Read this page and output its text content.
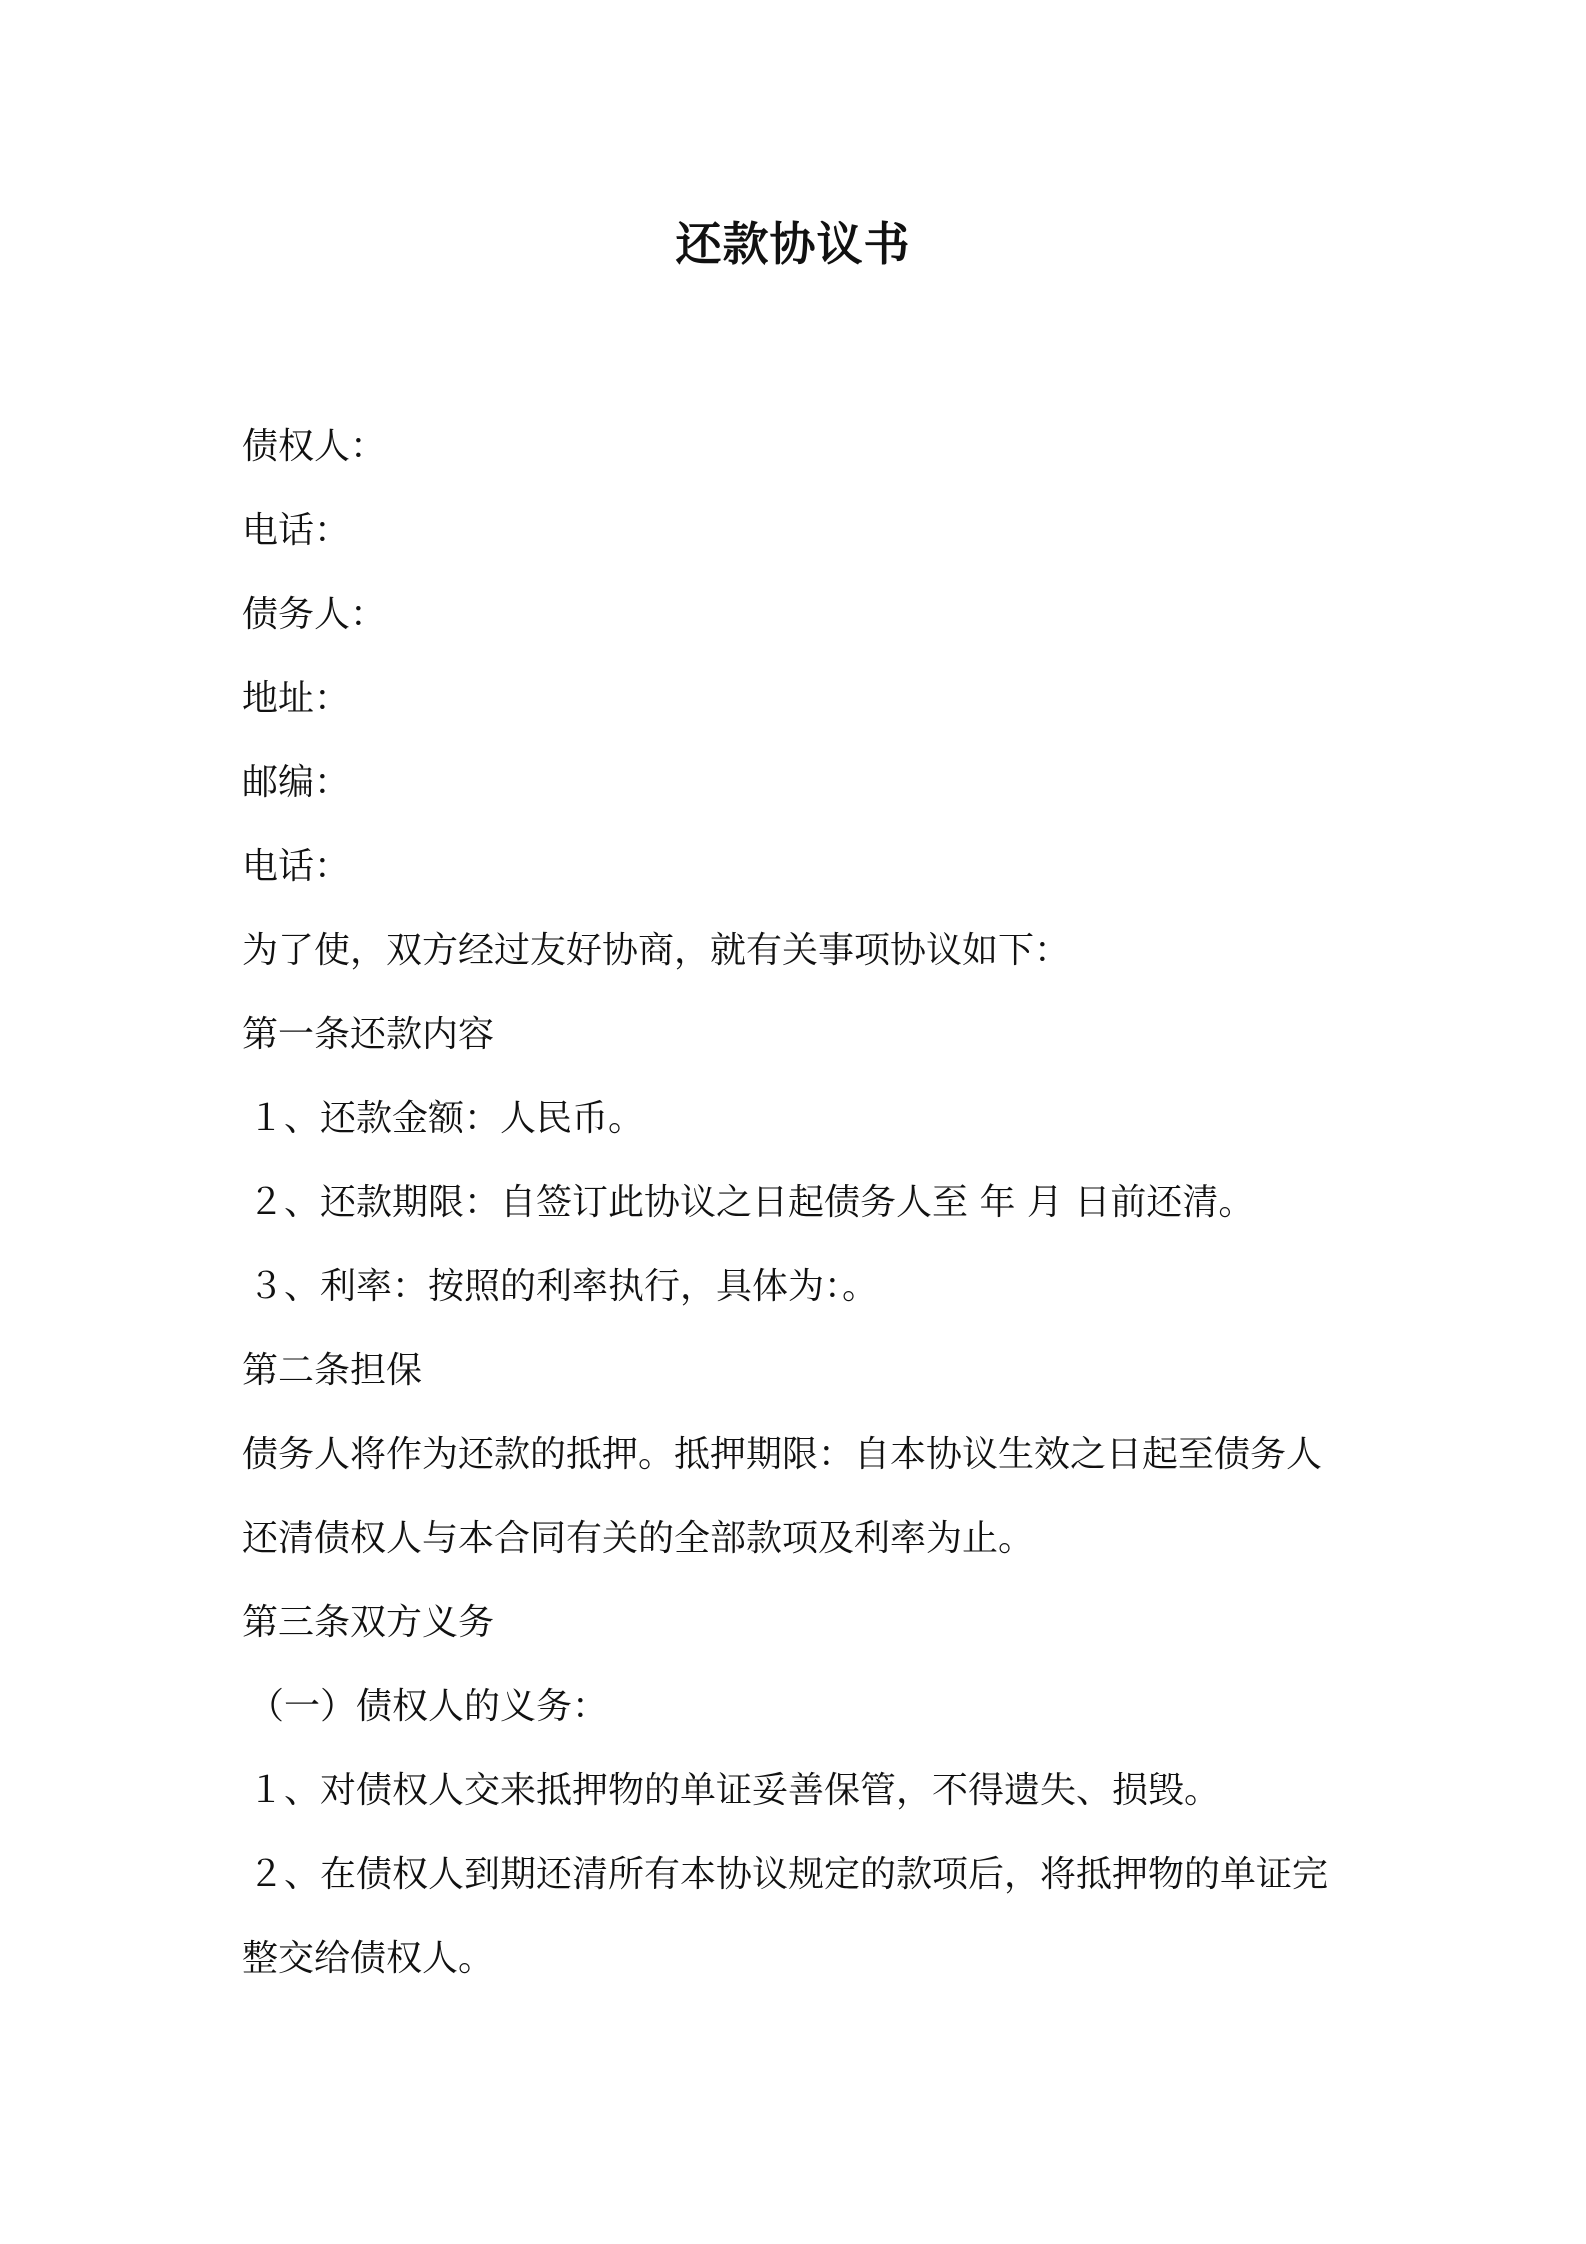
还款协议书
债权人：
电话：
债务人：
地址：
邮编：
电话：
为了使，双方经过友好协商，就有关事项协议如下：
第一条还款内容
１、还款金额：人民币。
２、还款期限：自签订此协议之日起债务人至 年 月 日前还清。
３、利率：按照的利率执行，具体为：。
第二条担保
债务人将作为还款的抵押。抵押期限：自本协议生效之日起至债务人
还清债权人与本合同有关的全部款项及利率为止。
第三条双方义务
（一）债权人的义务：
１、对债权人交来抵押物的单证妥善保管，不得遗失、损毁。
２、在债权人到期还清所有本协议规定的款项后，将抵押物的单证完
整交给债权人。
